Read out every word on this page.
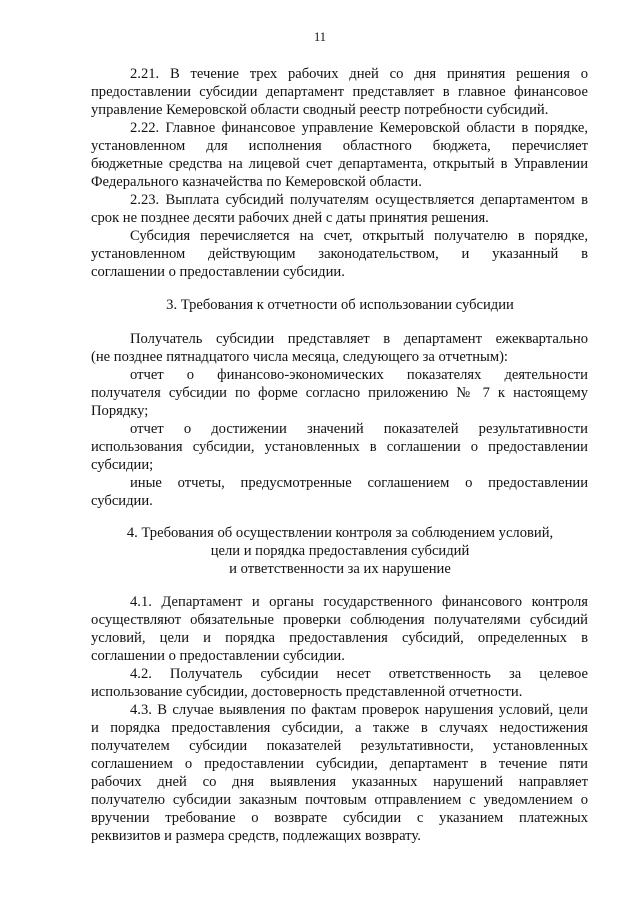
11
2.21. В течение трех рабочих дней со дня принятия решения о
предоставлении субсидии департамент представляет в главное финансовое
управление Кемеровской области сводный реестр потребности субсидий.
2.22. Главное финансовое управление Кемеровской области в порядке,
установленном для исполнения областного бюджета, перечисляет
бюджетные средства на лицевой счет департамента, открытый в Управлении
Федерального казначейства по Кемеровской области.
2.23. Выплата субсидий получателям осуществляется департаментом в
срок не позднее десяти рабочих дней с даты принятия решения.
Субсидия перечисляется на счет, открытый получателю в порядке,
установленном действующим законодательством, и указанный в
соглашении о предоставлении субсидии.
3. Требования к отчетности об использовании субсидии
Получатель субсидии представляет в департамент ежеквартально
(не позднее пятнадцатого числа месяца, следующего за отчетным):
отчет о финансово-экономических показателях деятельности
получателя субсидии по форме согласно приложению № 7 к настоящему
Порядку;
отчет о достижении значений показателей результативности
использования субсидии, установленных в соглашении о предоставлении
субсидии;
иные отчеты, предусмотренные соглашением о предоставлении
субсидии.
4. Требования об осуществлении контроля за соблюдением условий,
цели и порядка предоставления субсидий
и ответственности за их нарушение
4.1. Департамент и органы государственного финансового контроля
осуществляют обязательные проверки соблюдения получателями субсидий
условий, цели и порядка предоставления субсидий, определенных в
соглашении о предоставлении субсидии.
4.2. Получатель субсидии несет ответственность за целевое
использование субсидии, достоверность представленной отчетности.
4.3. В случае выявления по фактам проверок нарушения условий, цели
и порядка предоставления субсидии, а также в случаях недостижения
получателем субсидии показателей результативности, установленных
соглашением о предоставлении субсидии, департамент в течение пяти
рабочих дней со дня выявления указанных нарушений направляет
получателю субсидии заказным почтовым отправлением с уведомлением о
вручении требование о возврате субсидии с указанием платежных
реквизитов и размера средств, подлежащих возврату.
